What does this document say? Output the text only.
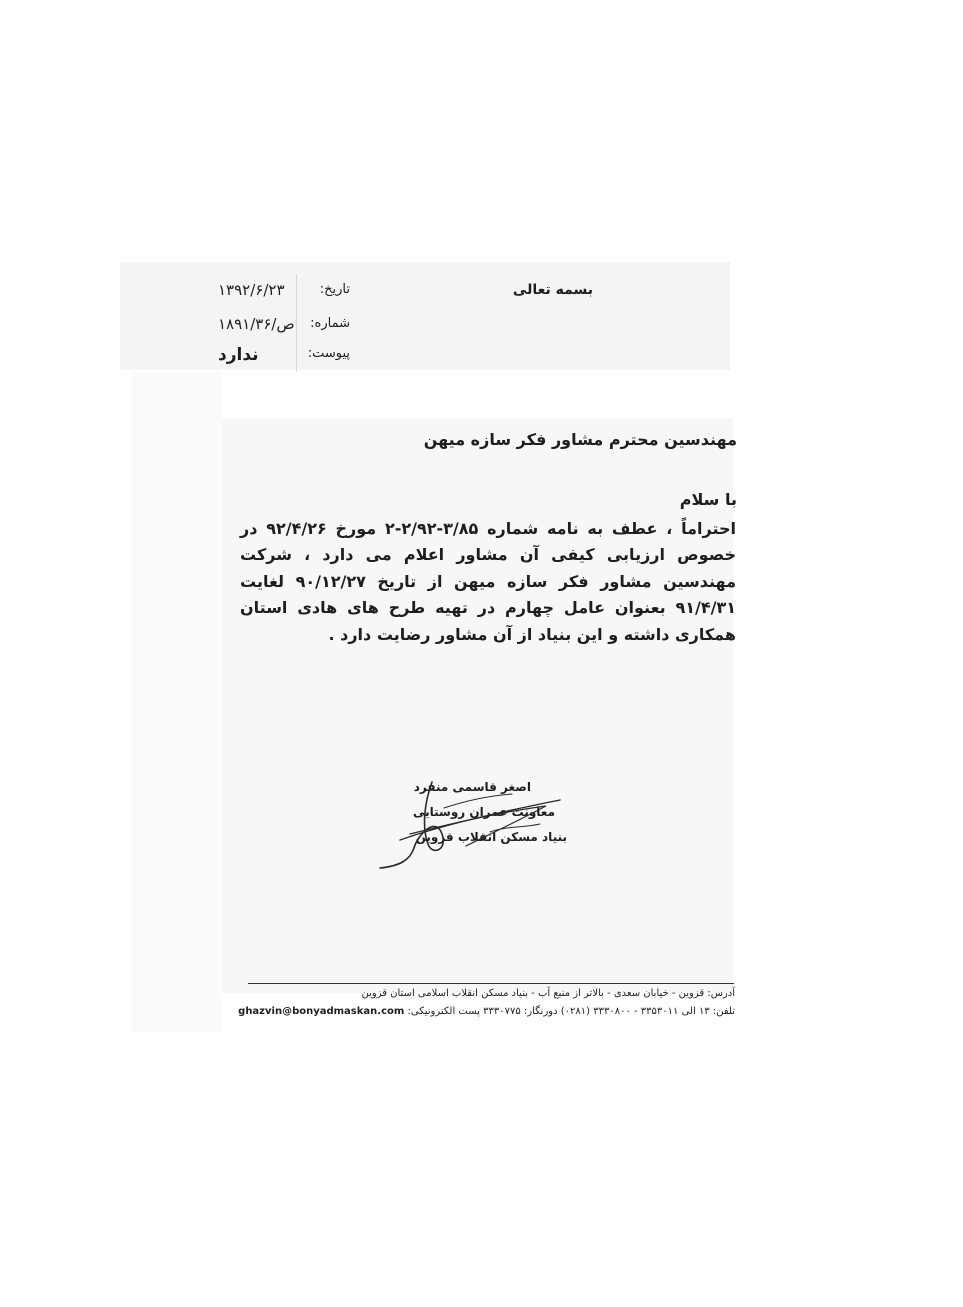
تاریخ:
۱۳۹۲/۶/۲۳
شماره:
۱۸۹۱/ص/۳۶
پیوست:
ندارد
بسمه تعالی
مهندسین محترم مشاور فکر سازه میهن
با سلام

احتراماً ، عطف به نامه شماره ۳/۸۵-۲/۹۲-۲ مورخ ۹۲/۴/۲۶ در خصوص ارزیابی کیفی آن مشاور اعلام می دارد ، شرکت مهندسین مشاور فکر سازه میهن از تاریخ ۹۰/۱۲/۲۷ لغایت ۹۱/۴/۳۱ بعنوان عامل چهارم در تهیه طرح های هادی استان همکاری داشته و این بنیاد از آن مشاور رضایت دارد .

اصغر قاسمی منفرد
معاونت عمران روستایی
بنیاد مسکن انقلاب قزوین
آدرس: قزوین - خیابان سعدی - بالاتر از منبع آب - بنیاد مسکن انقلاب اسلامی استان قزوین
تلفن: ۱۳ الی ۳۳۵۳۰۱۱ - ۳۳۳۰۸۰۰ (۰۲۸۱) دورنگار: ۳۳۳۰۷۷۵ پست الکترونیکی: ghazvin@bonyadmaskan.com
